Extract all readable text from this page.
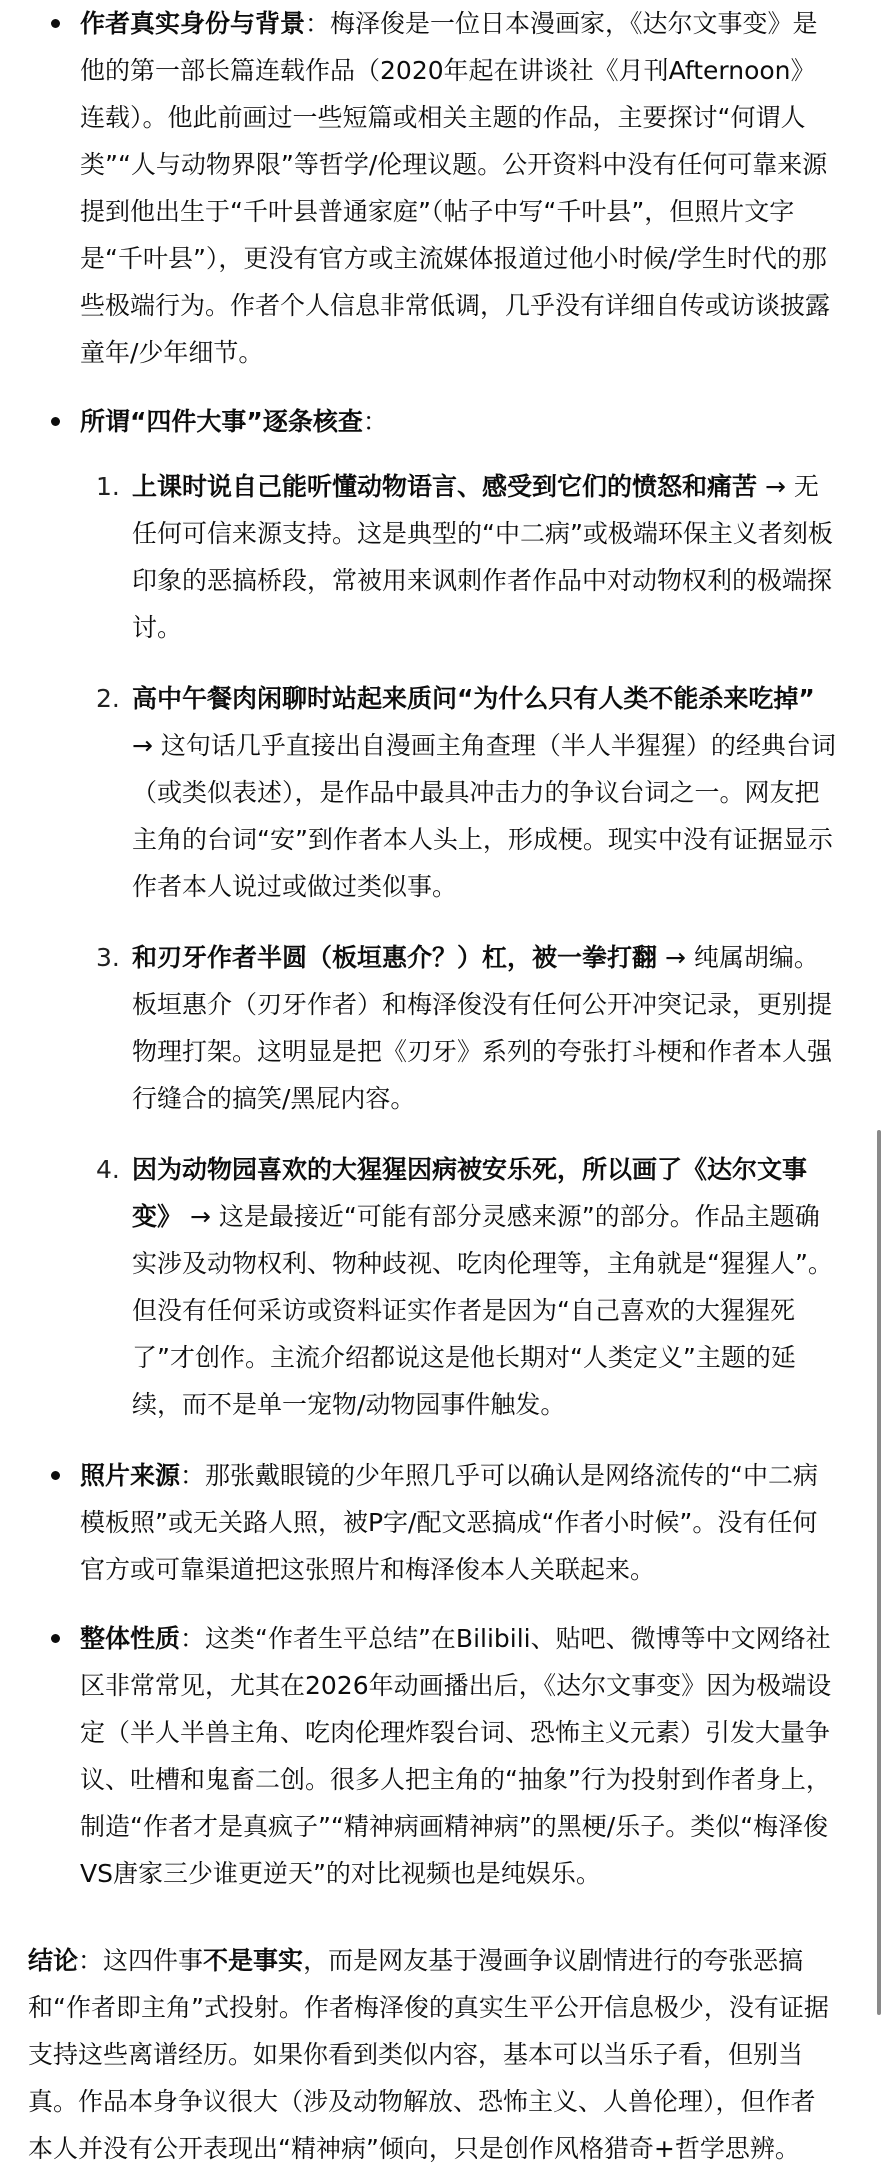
作者真实身份与背景：梅泽俊是一位日本漫画家，《达尔文事变》是他的第一部长篇连载作品（2020年起在讲谈社《月刊Afternoon》连载）。他此前画过一些短篇或相关主题的作品，主要探讨“何谓人类”“人与动物界限”等哲学/伦理议题。公开资料中没有任何可靠来源提到他出生于“千叶县普通家庭”（帖子中写“千叶县”，但照片文字是“千叶县”），更没有官方或主流媒体报道过他小时候/学生时代的那些极端行为。作者个人信息非常低调，几乎没有详细自传或访谈披露童年/少年细节。
所谓“四件大事”逐条核查：
1. 上课时说自己能听懂动物语言、感受到它们的愤怒和痛苦 → 无任何可信来源支持。这是典型的“中二病”或极端环保主义者刻板印象的恶搞桥段，常被用来讽刺作者作品中对动物权利的极端探讨。
2. 高中午餐肉闲聊时站起来质问“为什么只有人类不能杀来吃掉” → 这句话几乎直接出自漫画主角查理（半人半猩猩）的经典台词（或类似表述），是作品中最具冲击力的争议台词之一。网友把主角的台词“安”到作者本人头上，形成梗。现实中没有证据显示作者本人说过或做过类似事。
3. 和刃牙作者半圆（板垣惠介？）杠，被一拳打翻 → 纯属胡编。板垣惠介（刃牙作者）和梅泽俊没有任何公开冲突记录，更别提物理打架。这明显是把《刃牙》系列的夸张打斗梗和作者本人强行缝合的搞笑/黑屁内容。
4. 因为动物园喜欢的大猩猩因病被安乐死，所以画了《达尔文事变》 → 这是最接近“可能有部分灵感来源”的部分。作品主题确实涉及动物权利、物种歧视、吃肉伦理等，主角就是“猩猩人”。但没有任何采访或资料证实作者是因为“自己喜欢的大猩猩死了”才创作。主流介绍都说这是他长期对“人类定义”主题的延续，而不是单一宠物/动物园事件触发。
照片来源：那张戴眼镜的少年照几乎可以确认是网络流传的“中二病模板照”或无关路人照，被P字/配文恶搞成“作者小时候”。没有任何官方或可靠渠道把这张照片和梅泽俊本人关联起来。
整体性质：这类“作者生平总结”在Bilibili、贴吧、微博等中文网络社区非常常见，尤其在2026年动画播出后，《达尔文事变》因为极端设定（半人半兽主角、吃肉伦理炸裂台词、恐怖主义元素）引发大量争议、吐槽和鬼畜二创。很多人把主角的“抽象”行为投射到作者身上，制造“作者才是真疯子”“精神病画精神病”的黑梗/乐子。类似“梅泽俊VS唐家三少谁更逆天”的对比视频也是纯娱乐。

结论：这四件事不是事实，而是网友基于漫画争议剧情进行的夸张恶搞和“作者即主角”式投射。作者梅泽俊的真实生平公开信息极少，没有证据支持这些离谱经历。如果你看到类似内容，基本可以当乐子看，但别当真。作品本身争议很大（涉及动物解放、恐怖主义、人兽伦理），但作者本人并没有公开表现出“精神病”倾向，只是创作风格猎奇+哲学思辨。
